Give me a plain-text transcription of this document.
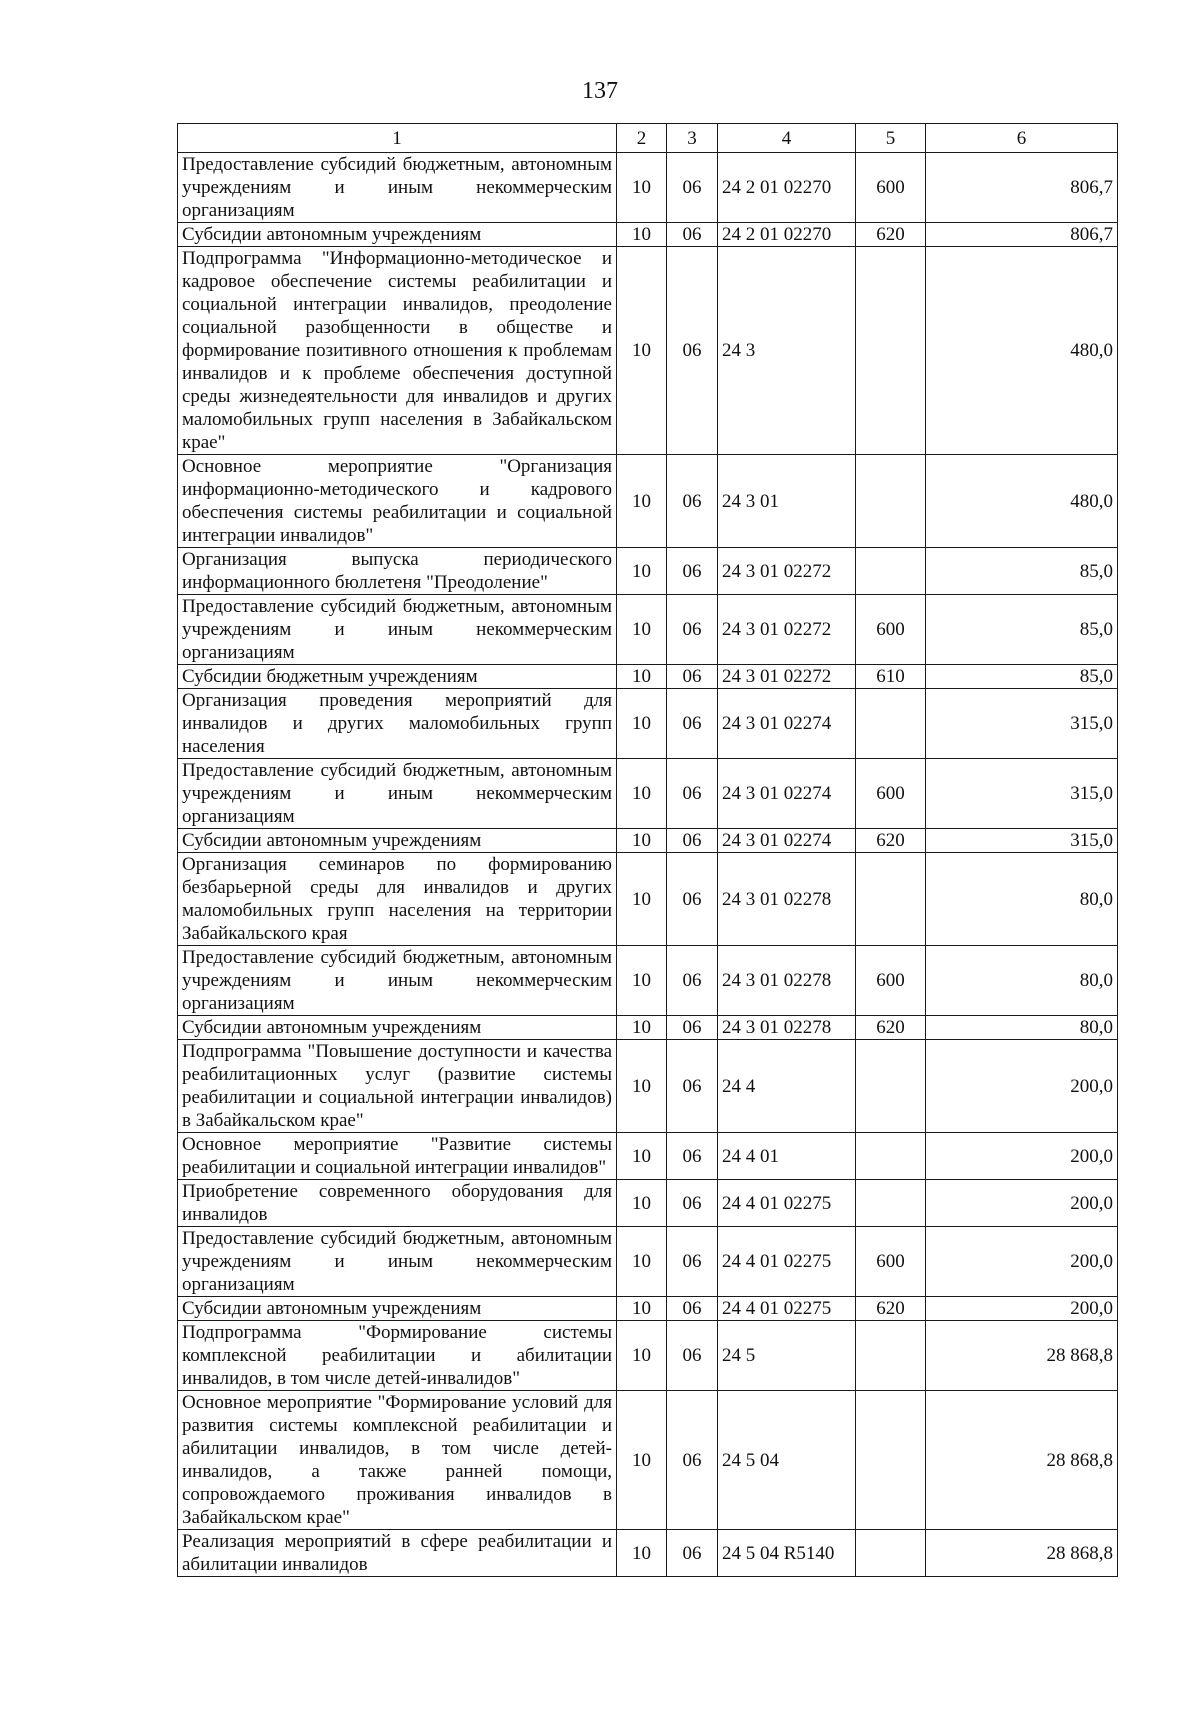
137
1	2	3	4	5	6
Предоставление субсидий бюджетным, автономным учреждениям и иным некоммерческим организациям	10	06	24 2 01 02270	600	806,7
Субсидии автономным учреждениям	10	06	24 2 01 02270	620	806,7
Подпрограмма "Информационно-методическое и кадровое обеспечение системы реабилитации и социальной интеграции инвалидов, преодоление социальной разобщенности в обществе и формирование позитивного отношения к проблемам инвалидов и к проблеме обеспечения доступной среды жизнедеятельности для инвалидов и других маломобильных групп населения в Забайкальском крае"	10	06	24 3		480,0
Основное мероприятие "Организация информационно-методического и кадрового обеспечения системы реабилитации и социальной интеграции инвалидов"	10	06	24 3 01		480,0
Организация выпуска периодического информационного бюллетеня "Преодоление"	10	06	24 3 01 02272		85,0
Предоставление субсидий бюджетным, автономным учреждениям и иным некоммерческим организациям	10	06	24 3 01 02272	600	85,0
Субсидии бюджетным учреждениям	10	06	24 3 01 02272	610	85,0
Организация проведения мероприятий для инвалидов и других маломобильных групп населения	10	06	24 3 01 02274		315,0
Предоставление субсидий бюджетным, автономным учреждениям и иным некоммерческим организациям	10	06	24 3 01 02274	600	315,0
Субсидии автономным учреждениям	10	06	24 3 01 02274	620	315,0
Организация семинаров по формированию безбарьерной среды для инвалидов и других маломобильных групп населения на территории Забайкальского края	10	06	24 3 01 02278		80,0
Предоставление субсидий бюджетным, автономным учреждениям и иным некоммерческим организациям	10	06	24 3 01 02278	600	80,0
Субсидии автономным учреждениям	10	06	24 3 01 02278	620	80,0
Подпрограмма "Повышение доступности и качества реабилитационных услуг (развитие системы реабилитации и социальной интеграции инвалидов) в Забайкальском крае"	10	06	24 4		200,0
Основное мероприятие "Развитие системы реабилитации и социальной интеграции инвалидов"	10	06	24 4 01		200,0
Приобретение современного оборудования для инвалидов	10	06	24 4 01 02275		200,0
Предоставление субсидий бюджетным, автономным учреждениям и иным некоммерческим организациям	10	06	24 4 01 02275	600	200,0
Субсидии автономным учреждениям	10	06	24 4 01 02275	620	200,0
Подпрограмма "Формирование системы комплексной реабилитации и абилитации инвалидов, в том числе детей-инвалидов"	10	06	24 5		28 868,8
Основное мероприятие "Формирование условий для развития системы комплексной реабилитации и абилитации инвалидов, в том числе детей-инвалидов, а также ранней помощи, сопровождаемого проживания инвалидов в Забайкальском крае"	10	06	24 5 04		28 868,8
Реализация мероприятий в сфере реабилитации и абилитации инвалидов	10	06	24 5 04 R5140		28 868,8
